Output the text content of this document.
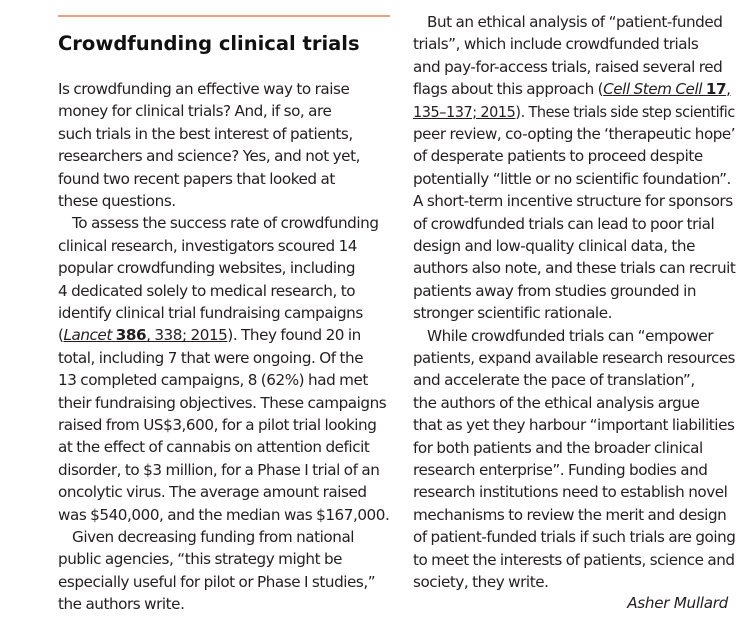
Crowdfunding clinical trials
Is crowdfunding an effective way to raise
money for clinical trials? And, if so, are
such trials in the best interest of patients,
researchers and science? Yes, and not yet,
found two recent papers that looked at
these questions.
To assess the success rate of crowdfunding
clinical research, investigators scoured 14
popular crowdfunding websites, including
4 dedicated solely to medical research, to
identify clinical trial fundraising campaigns
(Lancet 386, 338; 2015). They found 20 in
total, including 7 that were ongoing. Of the
13 completed campaigns, 8 (62%) had met
their fundraising objectives. These campaigns
raised from US$3,600, for a pilot trial looking
at the effect of cannabis on attention deficit
disorder, to $3 million, for a Phase I trial of an
oncolytic virus. The average amount raised
was $540,000, and the median was $167,000.
Given decreasing funding from national
public agencies, “this strategy might be
especially useful for pilot or Phase I studies,”
the authors write.
But an ethical analysis of “patient-funded
trials”, which include crowdfunded trials
and pay-for-access trials, raised several red
flags about this approach (Cell Stem Cell 17,
135–137; 2015). These trials side step scientific
peer review, co-opting the ‘therapeutic hope’
of desperate patients to proceed despite
potentially “little or no scientific foundation”.
A short-term incentive structure for sponsors
of crowdfunded trials can lead to poor trial
design and low-quality clinical data, the
authors also note, and these trials can recruit
patients away from studies grounded in
stronger scientific rationale.
While crowdfunded trials can “empower
patients, expand available research resources
and accelerate the pace of translation”,
the authors of the ethical analysis argue
that as yet they harbour “important liabilities
for both patients and the broader clinical
research enterprise”. Funding bodies and
research institutions need to establish novel
mechanisms to review the merit and design
of patient-funded trials if such trials are going
to meet the interests of patients, science and
society, they write.
Asher Mullard
